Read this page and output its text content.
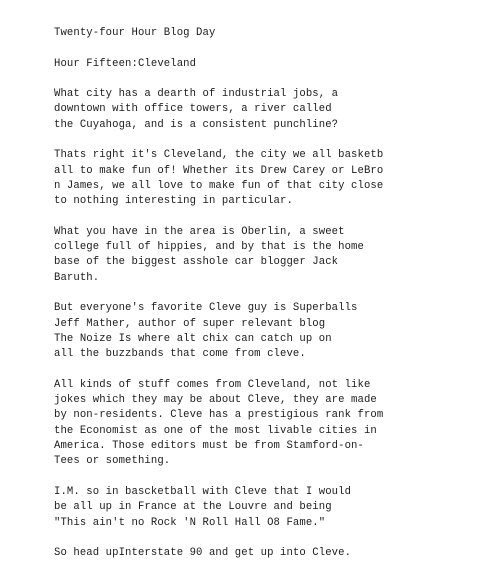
Twenty-four Hour Blog Day
Hour Fifteen:Cleveland
What city has a dearth of industrial jobs, a
downtown with office towers, a river called
the Cuyahoga, and is a consistent punchline?
Thats right it's Cleveland, the city we all basketb
all to make fun of! Whether its Drew Carey or LeBro
n James, we all love to make fun of that city close
to nothing interesting in particular.
What you have in the area is Oberlin, a sweet
college full of hippies, and by that is the home
base of the biggest asshole car blogger Jack
Baruth.
But everyone's favorite Cleve guy is Superballs
Jeff Mather, author of super relevant blog
The Noize Is where alt chix can catch up on
all the buzzbands that come from cleve.
All kinds of stuff comes from Cleveland, not like
jokes which they may be about Cleve, they are made
by non-residents. Cleve has a prestigious rank from
the Economist as one of the most livable cities in
America. Those editors must be from Stamford-on-
Tees or something.
I.M. so in bascketball with Cleve that I would
be all up in France at the Louvre and being
"This ain't no Rock 'N Roll Hall O8 Fame."
So head upInterstate 90 and get up into Cleve.
